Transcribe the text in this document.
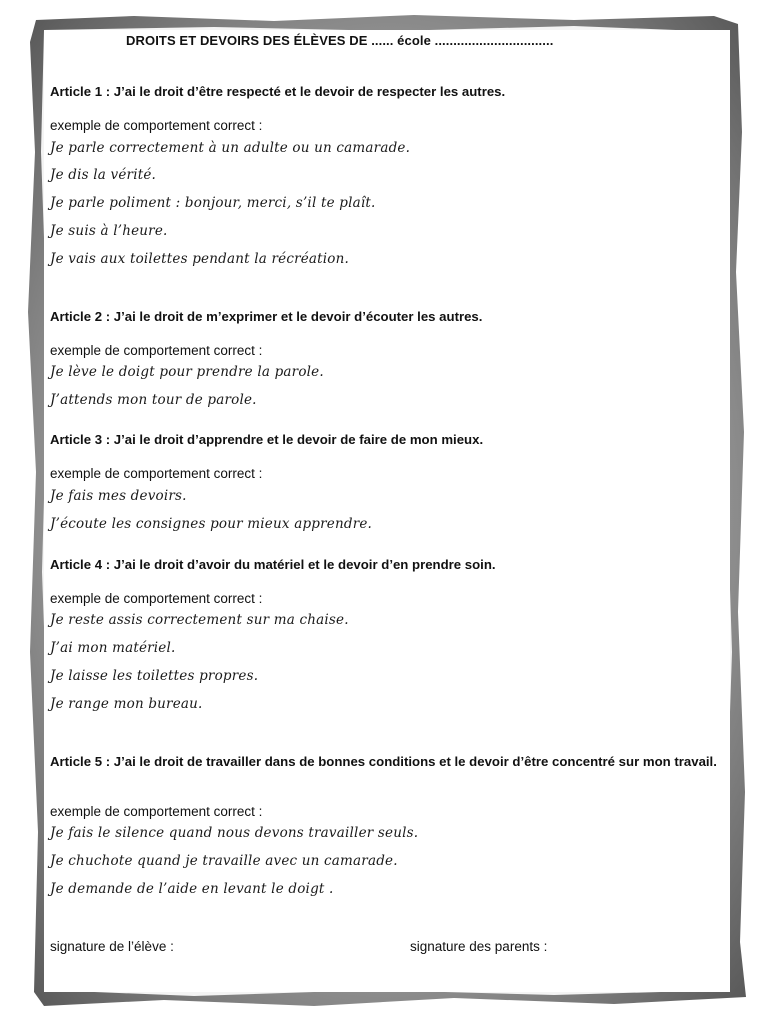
DROITS ET DEVOIRS DES ÉLÈVES DE ...... école ................................
Article 1 : J’ai le droit d’être respecté et le devoir de respecter les autres.
exemple de comportement correct :
Je parle correctement à un adulte ou un camarade.
Je dis la vérité.
Je parle poliment : bonjour, merci, s’il te plaît.
Je suis à l’heure.
Je vais aux toilettes pendant la récréation.
Article 2 : J’ai le droit de m’exprimer et le devoir d’écouter les autres.
exemple de comportement correct :
Je lève le doigt pour prendre la parole.
J’attends mon tour de parole.
Article 3 : J’ai le droit d’apprendre et le devoir de faire de mon mieux.
exemple de comportement correct :
Je fais mes devoirs.
J’écoute les consignes pour mieux apprendre.
Article 4 : J’ai le droit d’avoir du matériel et le devoir d’en prendre soin.
exemple de comportement correct :
Je reste assis correctement sur ma chaise.
J’ai mon matériel.
Je laisse les toilettes propres.
Je range mon bureau.
Article 5 : J’ai le droit de travailler dans de bonnes conditions et le devoir d’être concentré sur mon travail.
exemple de comportement correct :
Je fais le silence quand nous devons travailler seuls.
Je chuchote quand je travaille avec un camarade.
Je demande de l’aide en levant le doigt .
signature de l’élève :	signature des parents :
